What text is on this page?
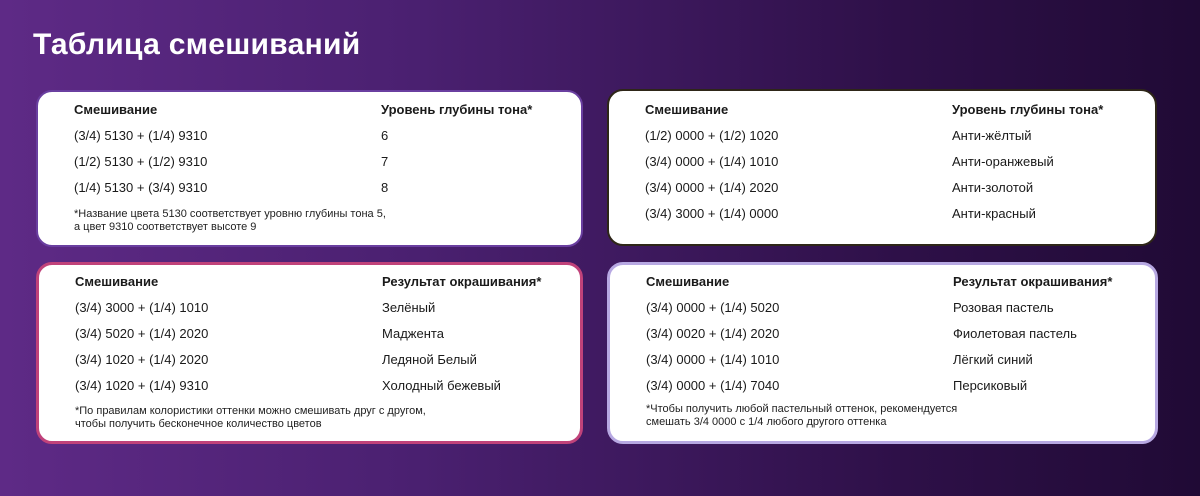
Таблица смешиваний
Смешивание	Уровень глубины тона*
(3/4) 5130 + (1/4) 9310	6
(1/2) 5130 + (1/2) 9310	7
(1/4) 5130 + (3/4) 9310	8
*Название цвета 5130 соответствует уровню глубины тона 5,
а цвет 9310 соответствует высоте 9
Смешивание	Уровень глубины тона*
(1/2) 0000 + (1/2) 1020	Анти-жёлтый
(3/4) 0000 + (1/4) 1010	Анти-оранжевый
(3/4) 0000 + (1/4) 2020	Анти-золотой
(3/4) 3000 + (1/4) 0000	Анти-красный
Смешивание	Результат окрашивания*
(3/4) 3000 + (1/4) 1010	Зелёный
(3/4) 5020 + (1/4) 2020	Маджента
(3/4) 1020 + (1/4) 2020	Ледяной Белый
(3/4) 1020 + (1/4) 9310	Холодный бежевый
*По правилам колористики оттенки можно смешивать друг с другом,
чтобы получить бесконечное количество цветов
Смешивание	Результат окрашивания*
(3/4) 0000 + (1/4) 5020	Розовая пастель
(3/4) 0020 + (1/4) 2020	Фиолетовая пастель
(3/4) 0000 + (1/4) 1010	Лёгкий синий
(3/4) 0000 + (1/4) 7040	Персиковый
*Чтобы получить любой пастельный оттенок, рекомендуется
смешать 3/4 0000 с 1/4 любого другого оттенка
